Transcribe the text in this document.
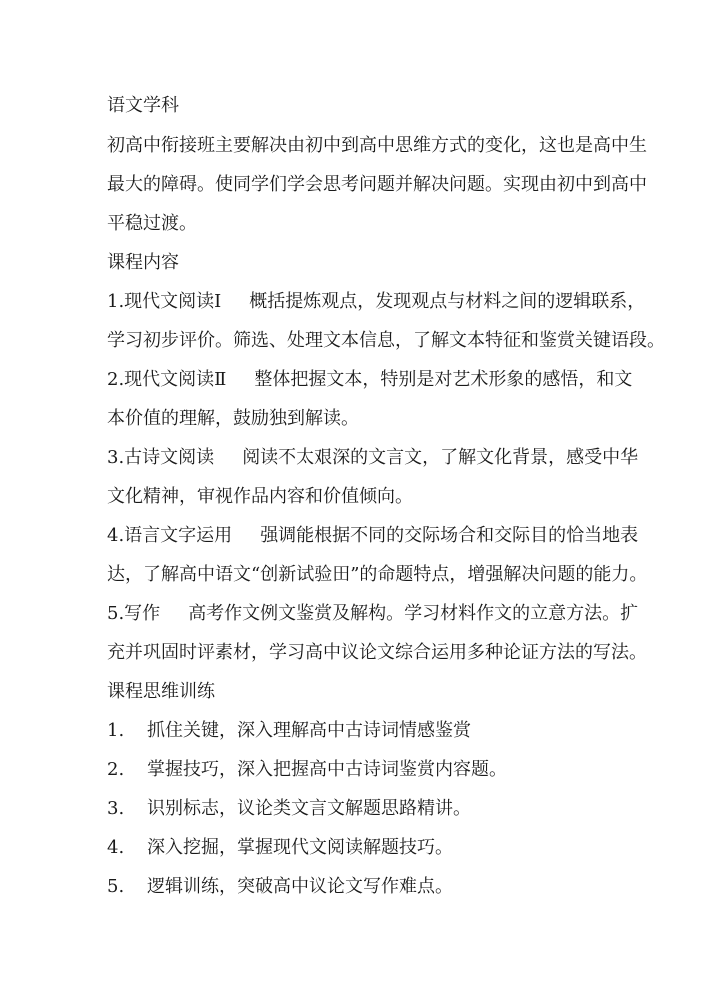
语文学科
初高中衔接班主要解决由初中到高中思维方式的变化，这也是高中生
最大的障碍。使同学们学会思考问题并解决问题。实现由初中到高中
平稳过渡。
课程内容
1.现代文阅读Ⅰ 概括提炼观点，发现观点与材料之间的逻辑联系，
学习初步评价。筛选、处理文本信息，了解文本特征和鉴赏关键语段。
2.现代文阅读Ⅱ 整体把握文本，特别是对艺术形象的感悟，和文
本价值的理解，鼓励独到解读。
3.古诗文阅读 阅读不太艰深的文言文，了解文化背景，感受中华
文化精神，审视作品内容和价值倾向。
4.语言文字运用 强调能根据不同的交际场合和交际目的恰当地表
达，了解高中语文“创新试验田”的命题特点，增强解决问题的能力。
5.写作 高考作文例文鉴赏及解构。学习材料作文的立意方法。扩
充并巩固时评素材，学习高中议论文综合运用多种论证方法的写法。
课程思维训练
1. 抓住关键，深入理解高中古诗词情感鉴赏
2. 掌握技巧，深入把握高中古诗词鉴赏内容题。
3. 识别标志，议论类文言文解题思路精讲。
4. 深入挖掘，掌握现代文阅读解题技巧。
5. 逻辑训练，突破高中议论文写作难点。
